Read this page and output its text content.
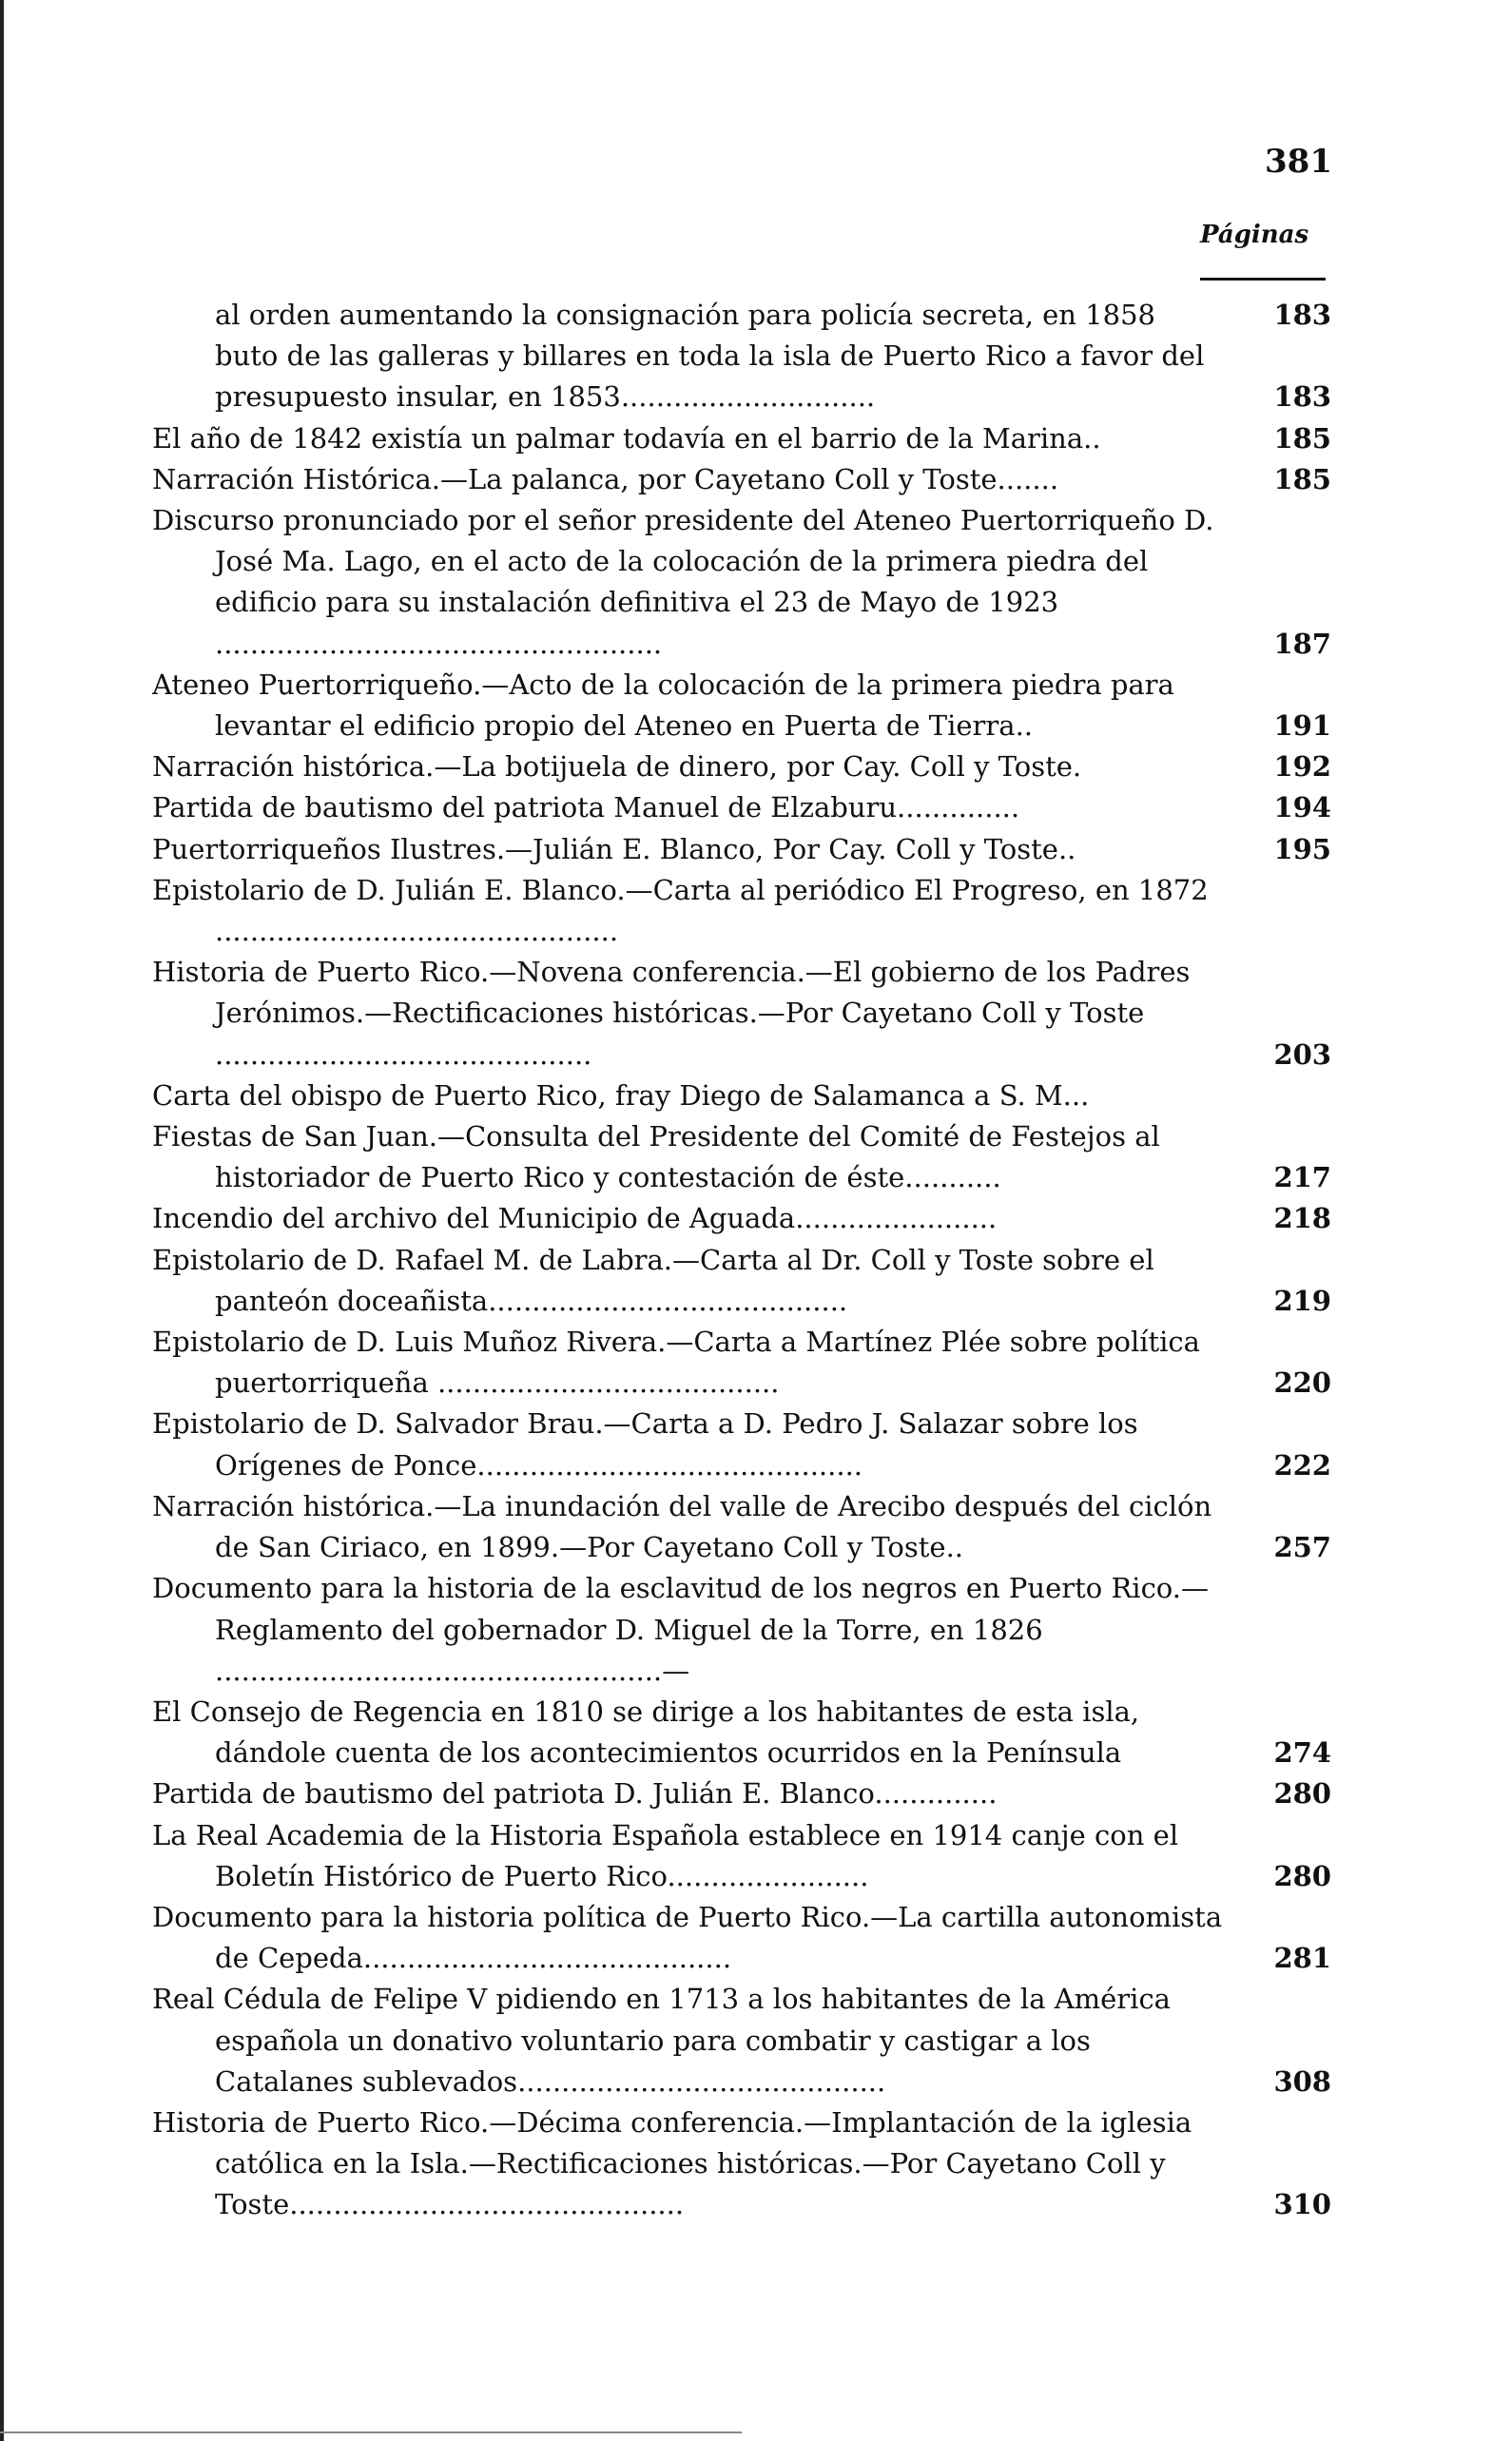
381
Páginas
al orden aumentando la consignación para policía secreta, en 1858	183
buto de las galleras y billares en toda la isla de Puerto Rico a favor del presupuesto insular, en 1853.............................	183
El año de 1842 existía un palmar todavía en el barrio de la Marina..	185
Narración Histórica.—La palanca, por Cayetano Coll y Toste.......	185
Discurso pronunciado por el señor presidente del Ateneo Puertorriqueño D. José Ma. Lago, en el acto de la colocación de la primera piedra del edificio para su instalación definitiva el 23 de Mayo de 1923 ...................................................	187
Ateneo Puertorriqueño.—Acto de la colocación de la primera piedra para levantar el edificio propio del Ateneo en Puerta de Tierra..	191
Narración histórica.—La botijuela de dinero, por Cay. Coll y Toste.	192
Partida de bautismo del patriota Manuel de Elzaburu..............	194
Puertorriqueños Ilustres.—Julián E. Blanco, Por Cay. Coll y Toste..	195
Epistolario de D. Julián E. Blanco.—Carta al periódico El Progreso, en 1872 ..............................................
Historia de Puerto Rico.—Novena conferencia.—El gobierno de los Padres Jerónimos.—Rectificaciones históricas.—Por Cayetano Coll y Toste ...........................................	203
Carta del obispo de Puerto Rico, fray Diego de Salamanca a S. M...
Fiestas de San Juan.—Consulta del Presidente del Comité de Festejos al historiador de Puerto Rico y contestación de éste...........	217
Incendio del archivo del Municipio de Aguada.......................	218
Epistolario de D. Rafael M. de Labra.—Carta al Dr. Coll y Toste sobre el panteón doceañista.........................................	219
Epistolario de D. Luis Muñoz Rivera.—Carta a Martínez Plée sobre política puertorriqueña .......................................	220
Epistolario de D. Salvador Brau.—Carta a D. Pedro J. Salazar sobre los Orígenes de Ponce............................................	222
Narración histórica.—La inundación del valle de Arecibo después del ciclón de San Ciriaco, en 1899.—Por Cayetano Coll y Toste..	257
Documento para la historia de la esclavitud de los negros en Puerto Rico.—Reglamento del gobernador D. Miguel de la Torre, en 1826 ...................................................—
El Consejo de Regencia en 1810 se dirige a los habitantes de esta isla, dándole cuenta de los acontecimientos ocurridos en la Península	274
Partida de bautismo del patriota D. Julián E. Blanco..............	280
La Real Academia de la Historia Española establece en 1914 canje con el Boletín Histórico de Puerto Rico.......................	280
Documento para la historia política de Puerto Rico.—La cartilla autonomista de Cepeda..........................................	281
Real Cédula de Felipe V pidiendo en 1713 a los habitantes de la América española un donativo voluntario para combatir y castigar a los Catalanes sublevados..........................................	308
Historia de Puerto Rico.—Décima conferencia.—Implantación de la iglesia católica en la Isla.—Rectificaciones históricas.—Por Cayetano Coll y Toste.............................................	310
